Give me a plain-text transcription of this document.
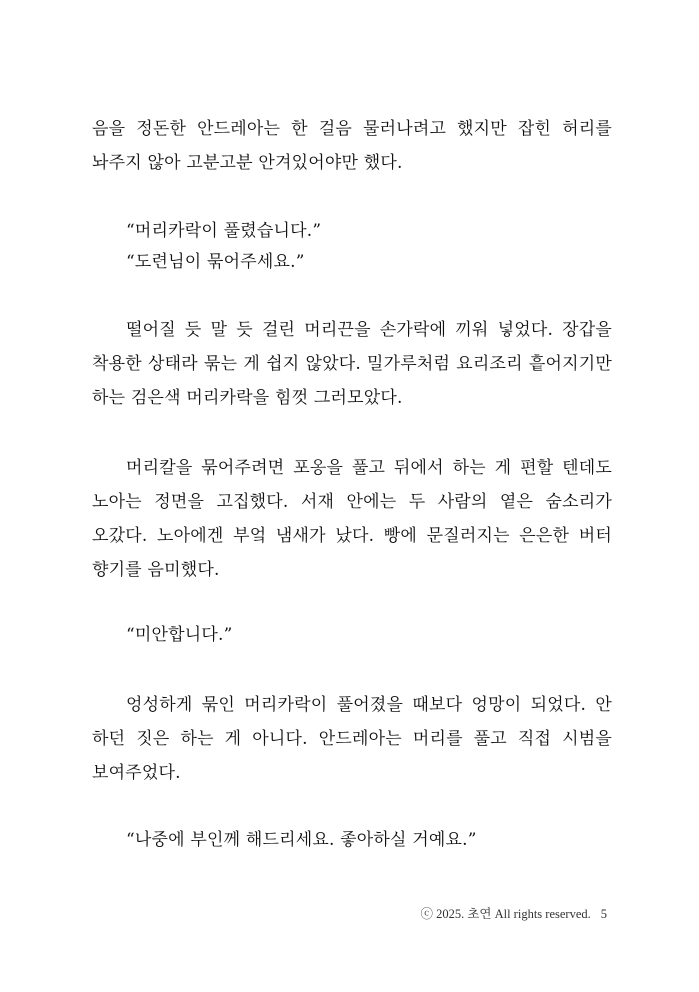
음을 정돈한 안드레아는 한 걸음 물러나려고 했지만 잡힌 허리를 놔주지 않아 고분고분 안겨있어야만 했다.

“머리카락이 풀렸습니다.”

“도련님이 묶어주세요.”

떨어질 듯 말 듯 걸린 머리끈을 손가락에 끼워 넣었다. 장갑을 착용한 상태라 묶는 게 쉽지 않았다. 밀가루처럼 요리조리 흩어지기만 하는 검은색 머리카락을 힘껏 그러모았다.

머리칼을 묶어주려면 포옹을 풀고 뒤에서 하는 게 편할 텐데도 노아는 정면을 고집했다. 서재 안에는 두 사람의 옅은 숨소리가 오갔다. 노아에겐 부엌 냄새가 났다. 빵에 문질러지는 은은한 버터 향기를 음미했다.

“미안합니다.”

엉성하게 묶인 머리카락이 풀어졌을 때보다 엉망이 되었다. 안 하던 짓은 하는 게 아니다. 안드레아는 머리를 풀고 직접 시범을 보여주었다.

“나중에 부인께 해드리세요. 좋아하실 거예요.”

ⓒ 2025. 초연 All rights reserved. 5
